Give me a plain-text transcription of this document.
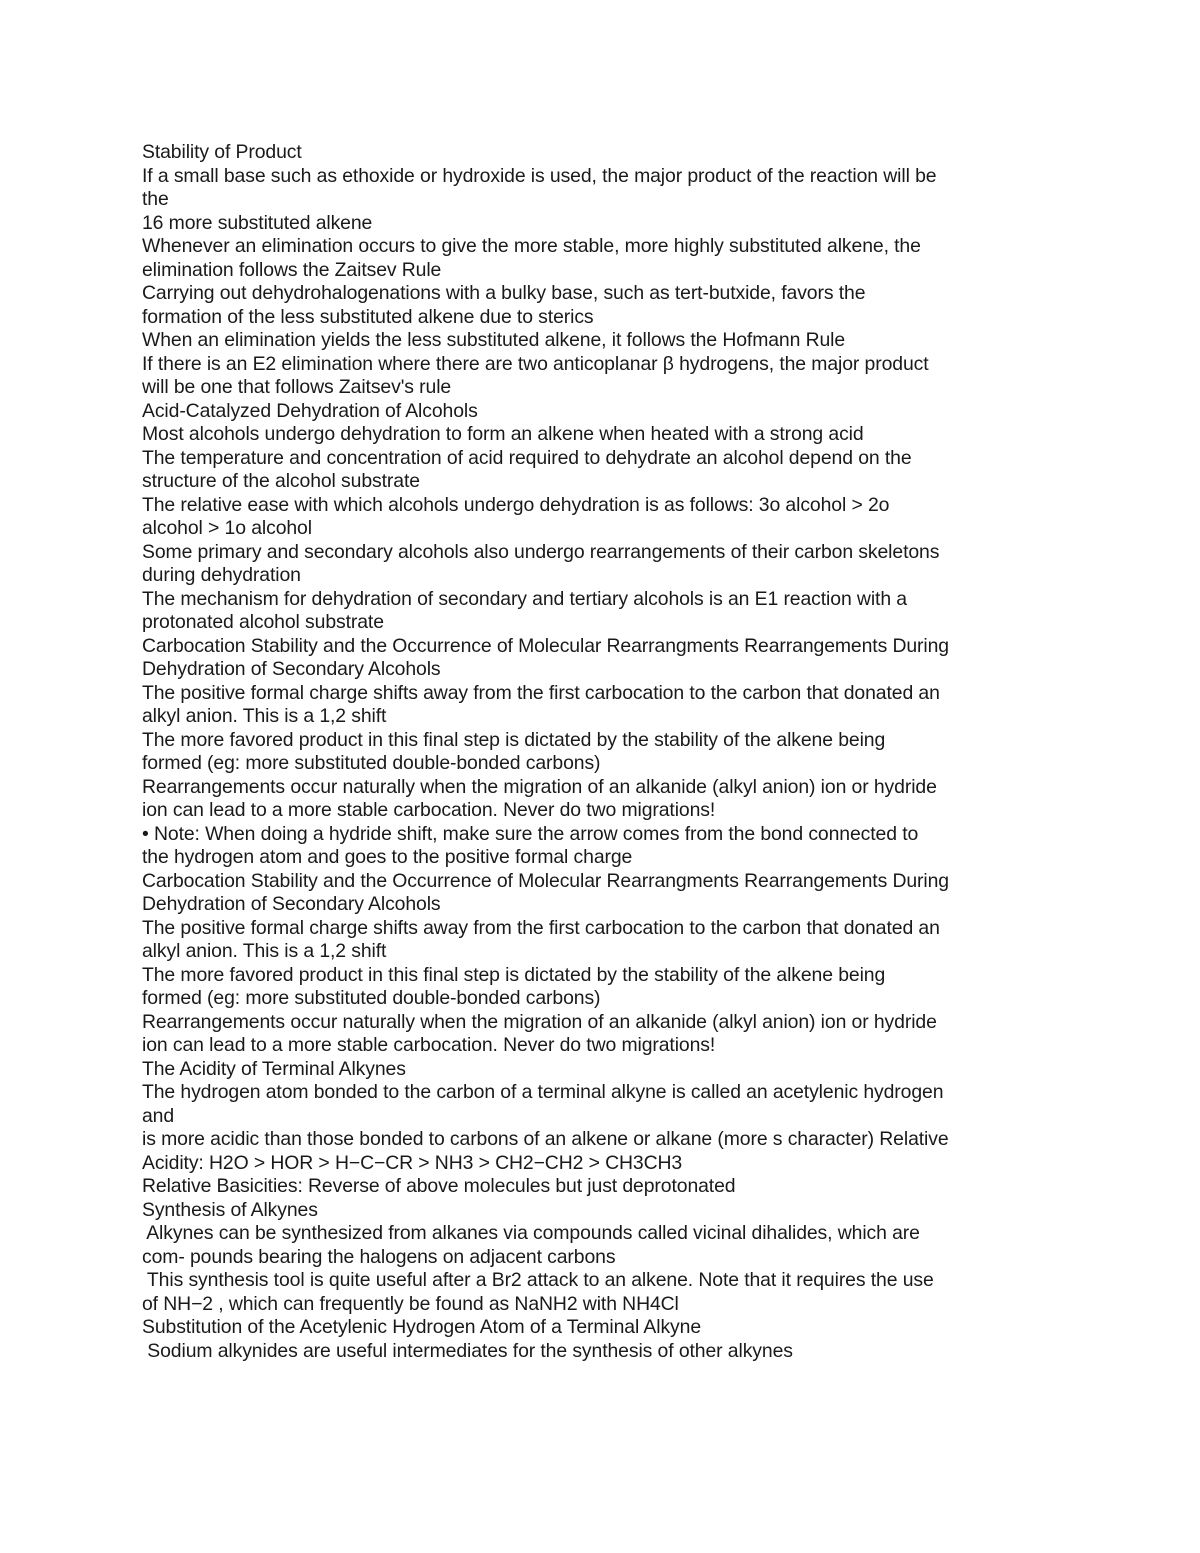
Stability of Product
If a small base such as ethoxide or hydroxide is used, the major product of the reaction will be
the
16 more substituted alkene
Whenever an elimination occurs to give the more stable, more highly substituted alkene, the
elimination follows the Zaitsev Rule
Carrying out dehydrohalogenations with a bulky base, such as tert-butxide, favors the
formation of the less substituted alkene due to sterics
When an elimination yields the less substituted alkene, it follows the Hofmann Rule
If there is an E2 elimination where there are two anticoplanar β hydrogens, the major product
will be one that follows Zaitsev's rule
Acid-Catalyzed Dehydration of Alcohols
Most alcohols undergo dehydration to form an alkene when heated with a strong acid
The temperature and concentration of acid required to dehydrate an alcohol depend on the
structure of the alcohol substrate
The relative ease with which alcohols undergo dehydration is as follows: 3o alcohol > 2o
alcohol > 1o alcohol
Some primary and secondary alcohols also undergo rearrangements of their carbon skeletons
during dehydration
The mechanism for dehydration of secondary and tertiary alcohols is an E1 reaction with a
protonated alcohol substrate
Carbocation Stability and the Occurrence of Molecular Rearrangments Rearrangements During
Dehydration of Secondary Alcohols
The positive formal charge shifts away from the first carbocation to the carbon that donated an
alkyl anion. This is a 1,2 shift
The more favored product in this final step is dictated by the stability of the alkene being
formed (eg: more substituted double-bonded carbons)
Rearrangements occur naturally when the migration of an alkanide (alkyl anion) ion or hydride
ion can lead to a more stable carbocation. Never do two migrations!
• Note: When doing a hydride shift, make sure the arrow comes from the bond connected to
the hydrogen atom and goes to the positive formal charge
Carbocation Stability and the Occurrence of Molecular Rearrangments Rearrangements During
Dehydration of Secondary Alcohols
The positive formal charge shifts away from the first carbocation to the carbon that donated an
alkyl anion. This is a 1,2 shift
The more favored product in this final step is dictated by the stability of the alkene being
formed (eg: more substituted double-bonded carbons)
Rearrangements occur naturally when the migration of an alkanide (alkyl anion) ion or hydride
ion can lead to a more stable carbocation. Never do two migrations!
The Acidity of Terminal Alkynes
The hydrogen atom bonded to the carbon of a terminal alkyne is called an acetylenic hydrogen
and
is more acidic than those bonded to carbons of an alkene or alkane (more s character) Relative
Acidity: H2O > HOR > H−C−CR > NH3 > CH2−CH2 > CH3CH3
Relative Basicities: Reverse of above molecules but just deprotonated
Synthesis of Alkynes
Alkynes can be synthesized from alkanes via compounds called vicinal dihalides, which are
com- pounds bearing the halogens on adjacent carbons
This synthesis tool is quite useful after a Br2 attack to an alkene. Note that it requires the use
of NH−2 , which can frequently be found as NaNH2 with NH4Cl
Substitution of the Acetylenic Hydrogen Atom of a Terminal Alkyne
Sodium alkynides are useful intermediates for the synthesis of other alkynes
